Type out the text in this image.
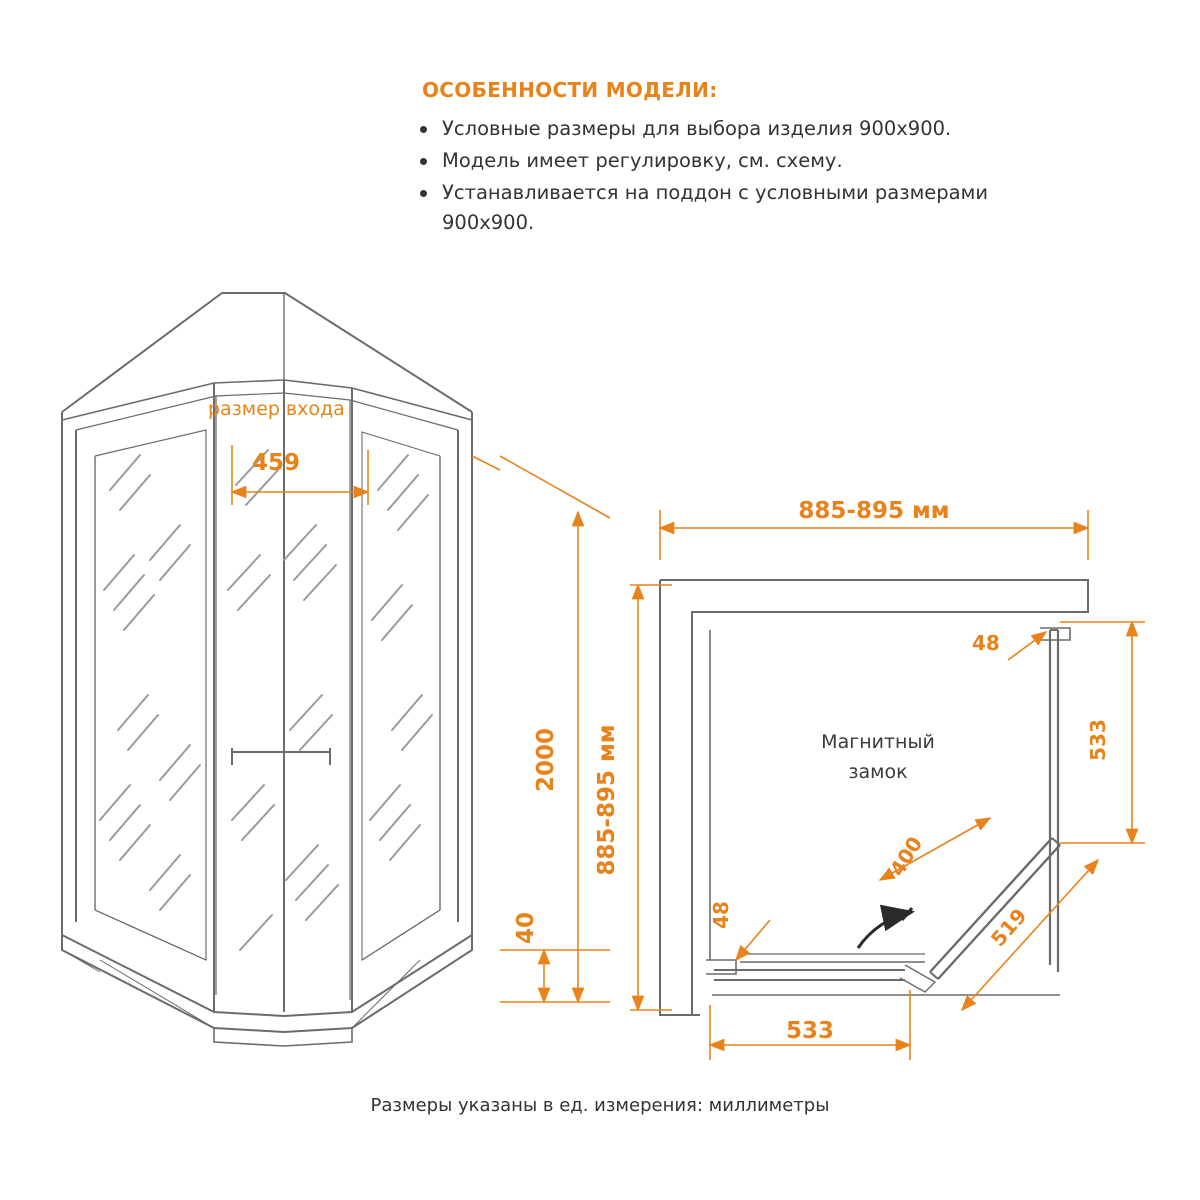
ОСОБЕННОСТИ МОДЕЛИ:
Условные размеры для выбора изделия 900x900.
Модель имеет регулировку, см. схему.
Устанавливается на поддон с условными размерами 900x900.
размер входа
459
2000
40
885-895 мм
885-895 мм	533
48
48
400
519
533
Магнитный
замок
Размеры указаны в ед. измерения: миллиметры
